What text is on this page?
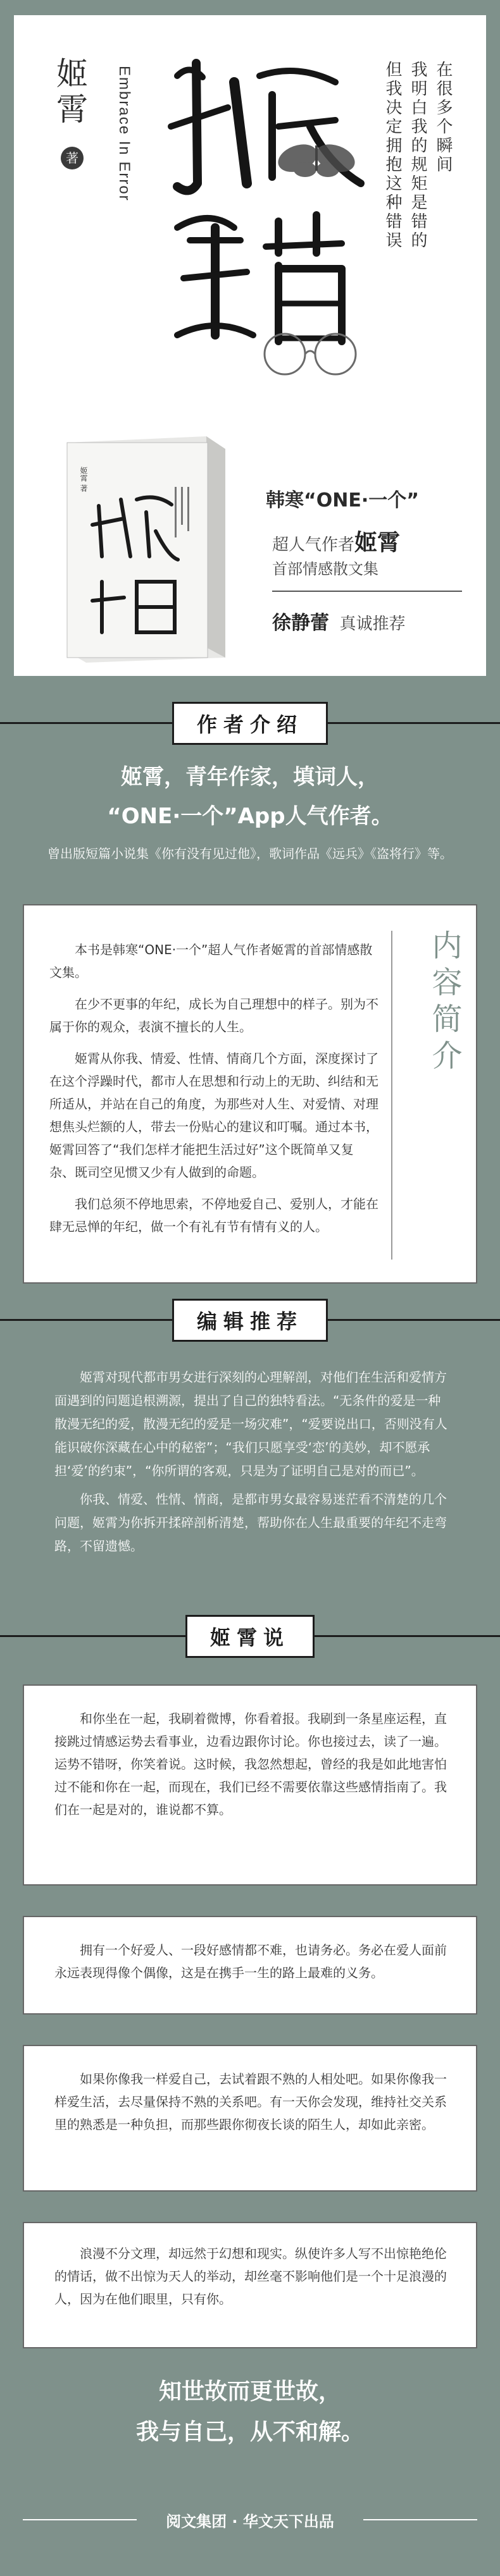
姬霄
著	Embrace In Error	在很多个瞬间
我明白我的规矩是错的
但我决定拥抱这种错误
姬霄 著
韩寒“ONE·一个”
超人气作者姬霄
首部情感散文集
徐静蕾 真诚推荐
作者介绍
姬霄，青年作家，填词人，
“ONE·一个”App人气作者。
曾出版短篇小说集《你有没有见过他》，歌词作品《远兵》《盗将行》等。

本书是韩寒“ONE·一个”超人气作者姬霄的首部情感散文集。

在少不更事的年纪，成长为自己理想中的样子。别为不属于你的观众，表演不擅长的人生。

姬霄从你我、情爱、性情、情商几个方面，深度探讨了在这个浮躁时代，都市人在思想和行动上的无助、纠结和无所适从，并站在自己的角度，为那些对人生、对爱情、对理想焦头烂额的人，带去一份贴心的建议和叮嘱。通过本书，姬霄回答了“我们怎样才能把生活过好”这个既简单又复杂、既司空见惯又少有人做到的命题。

我们总须不停地思索，不停地爱自己、爱别人，才能在肆无忌惮的年纪，做一个有礼有节有情有义的人。

内容简介
编辑推荐

姬霄对现代都市男女进行深刻的心理解剖，对他们在生活和爱情方面遇到的问题追根溯源，提出了自己的独特看法。“无条件的爱是一种散漫无纪的爱，散漫无纪的爱是一场灾难”，“爱要说出口，否则没有人能识破你深藏在心中的秘密”；“我们只愿享受‘恋’的美妙，却不愿承担‘爱’的约束”，“你所谓的客观，只是为了证明自己是对的而已”。

你我、情爱、性情、情商，是都市男女最容易迷茫看不清楚的几个问题，姬霄为你拆开揉碎剖析清楚，帮助你在人生最重要的年纪不走弯路，不留遗憾。

姬霄说

和你坐在一起，我刷着微博，你看着报。我刷到一条星座运程，直接跳过情感运势去看事业，边看边跟你讨论。你也接过去，读了一遍。运势不错呀，你笑着说。这时候，我忽然想起，曾经的我是如此地害怕过不能和你在一起，而现在，我们已经不需要依靠这些感情指南了。我们在一起是对的，谁说都不算。

拥有一个好爱人、一段好感情都不难，也请务必。务必在爱人面前永远表现得像个偶像，这是在携手一生的路上最难的义务。

如果你像我一样爱自己，去试着跟不熟的人相处吧。如果你像我一样爱生活，去尽量保持不熟的关系吧。有一天你会发现，维持社交关系里的熟悉是一种负担，而那些跟你彻夜长谈的陌生人，却如此亲密。

浪漫不分文理，却远然于幻想和现实。纵使许多人写不出惊艳绝伦的情话，做不出惊为天人的举动，却丝毫不影响他们是一个十足浪漫的人，因为在他们眼里，只有你。

知世故而更世故，
我与自己，从不和解。
阅文集团 · 华文天下出品
